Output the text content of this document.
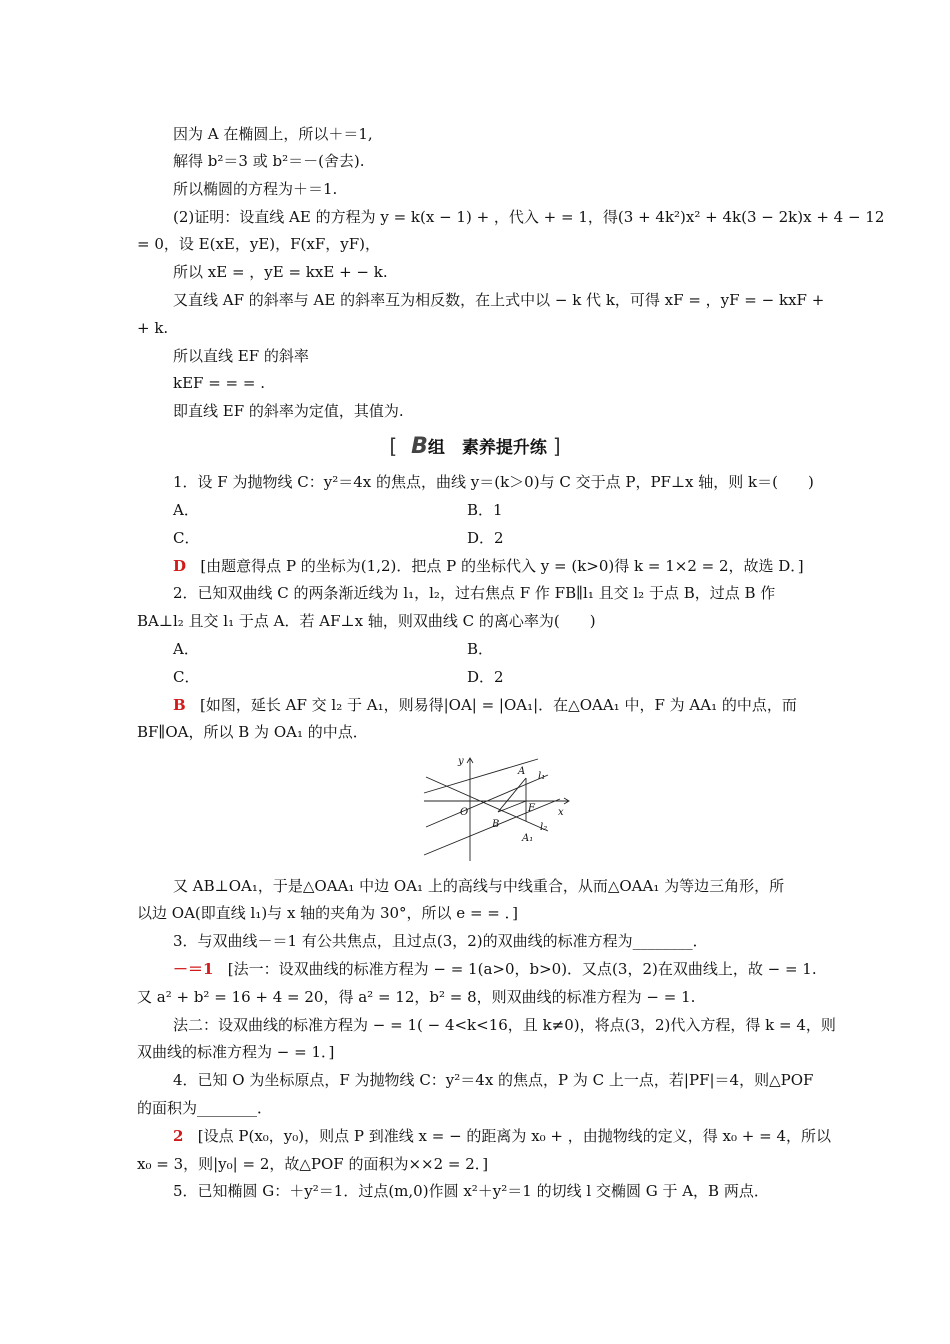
因为 A 在椭圆上，所以＋＝1,
解得 b²＝3 或 b²＝－(舍去).
所以椭圆的方程为＋＝1.
(2)证明：设直线 AE 的方程为 y = k(x − 1) + ，代入 + = 1，得(3 + 4k²)x² + 4k(3 − 2k)x + 4 − 12
= 0，设 E(xE，yE)，F(xF，yF)，
所以 xE = ，yE = kxE + − k.
又直线 AF 的斜率与 AE 的斜率互为相反数，在上式中以 − k 代 k，可得 xF = ，yF = − kxF +
+ k.
所以直线 EF 的斜率
kEF = = = .
即直线 EF 的斜率为定值，其值为.
[ B组　素养提升练 ]
1．设 F 为抛物线 C：y²＝4x 的焦点，曲线 y＝(k＞0)与 C 交于点 P，PF⊥x 轴，则 k＝(　　)
A．	B．1
C．	D．2
D [由题意得点 P 的坐标为(1,2)．把点 P 的坐标代入 y = (k>0)得 k = 1×2 = 2，故选 D．]
2．已知双曲线 C 的两条渐近线为 l₁，l₂，过右焦点 F 作 FB∥l₁ 且交 l₂ 于点 B，过点 B 作
BA⊥l₂ 且交 l₁ 于点 A．若 AF⊥x 轴，则双曲线 C 的离心率为(　　)
A．	B．
C．	D．2
B [如图，延长 AF 交 l₂ 于 A₁，则易得|OA| = |OA₁|．在△OAA₁ 中，F 为 AA₁ 的中点，而
BF∥OA，所以 B 为 OA₁ 的中点．
y
x
O
A
B
F
A₁
l₁
l₂
又 AB⊥OA₁，于是△OAA₁ 中边 OA₁ 上的高线与中线重合，从而△OAA₁ 为等边三角形，所
以边 OA(即直线 l₁)与 x 轴的夹角为 30°，所以 e = = ．]
3．与双曲线－＝1 有公共焦点，且过点(3，2)的双曲线的标准方程为________．
－＝1 [法一：设双曲线的标准方程为 − = 1(a>0，b>0)．又点(3，2)在双曲线上，故 − = 1.
又 a² + b² = 16 + 4 = 20，得 a² = 12，b² = 8，则双曲线的标准方程为 − = 1.
法二：设双曲线的标准方程为 − = 1( − 4<k<16，且 k≠0)，将点(3，2)代入方程，得 k = 4，则
双曲线的标准方程为 − = 1．]
4．已知 O 为坐标原点，F 为抛物线 C：y²＝4x 的焦点，P 为 C 上一点，若|PF|＝4，则△POF
的面积为________．
2 [设点 P(x₀，y₀)，则点 P 到准线 x = − 的距离为 x₀ + ，由抛物线的定义，得 x₀ + = 4，所以
x₀ = 3，则|y₀| = 2，故△POF 的面积为××2 = 2．]
5．已知椭圆 G：＋y²＝1．过点(m,0)作圆 x²＋y²＝1 的切线 l 交椭圆 G 于 A，B 两点．
